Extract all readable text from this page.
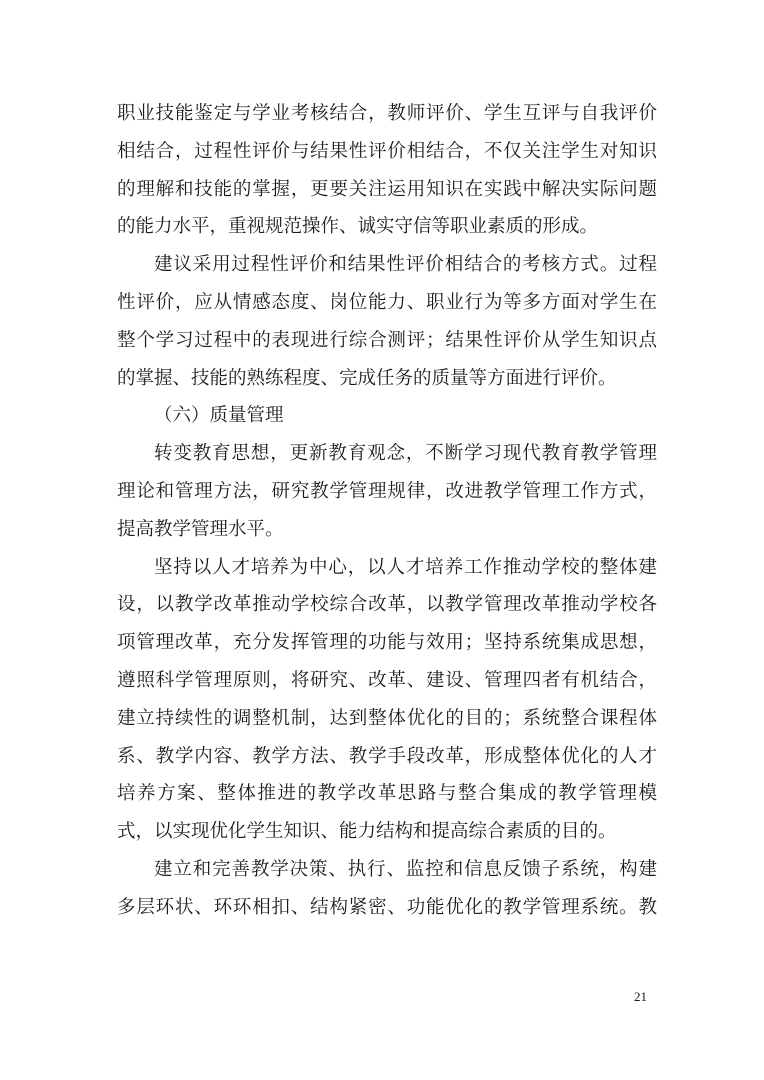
职业技能鉴定与学业考核结合，教师评价、学生互评与自我评价
相结合，过程性评价与结果性评价相结合，不仅关注学生对知识
的理解和技能的掌握，更要关注运用知识在实践中解决实际问题
的能力水平，重视规范操作、诚实守信等职业素质的形成。
建议采用过程性评价和结果性评价相结合的考核方式。过程
性评价，应从情感态度、岗位能力、职业行为等多方面对学生在
整个学习过程中的表现进行综合测评；结果性评价从学生知识点
的掌握、技能的熟练程度、完成任务的质量等方面进行评价。
（六）质量管理
转变教育思想，更新教育观念，不断学习现代教育教学管理
理论和管理方法，研究教学管理规律，改进教学管理工作方式，
提高教学管理水平。
坚持以人才培养为中心，以人才培养工作推动学校的整体建
设，以教学改革推动学校综合改革，以教学管理改革推动学校各
项管理改革，充分发挥管理的功能与效用；坚持系统集成思想，
遵照科学管理原则，将研究、改革、建设、管理四者有机结合，
建立持续性的调整机制，达到整体优化的目的；系统整合课程体
系、教学内容、教学方法、教学手段改革，形成整体优化的人才
培养方案、整体推进的教学改革思路与整合集成的教学管理模
式，以实现优化学生知识、能力结构和提高综合素质的目的。
建立和完善教学决策、执行、监控和信息反馈子系统，构建
多层环状、环环相扣、结构紧密、功能优化的教学管理系统。教
21
